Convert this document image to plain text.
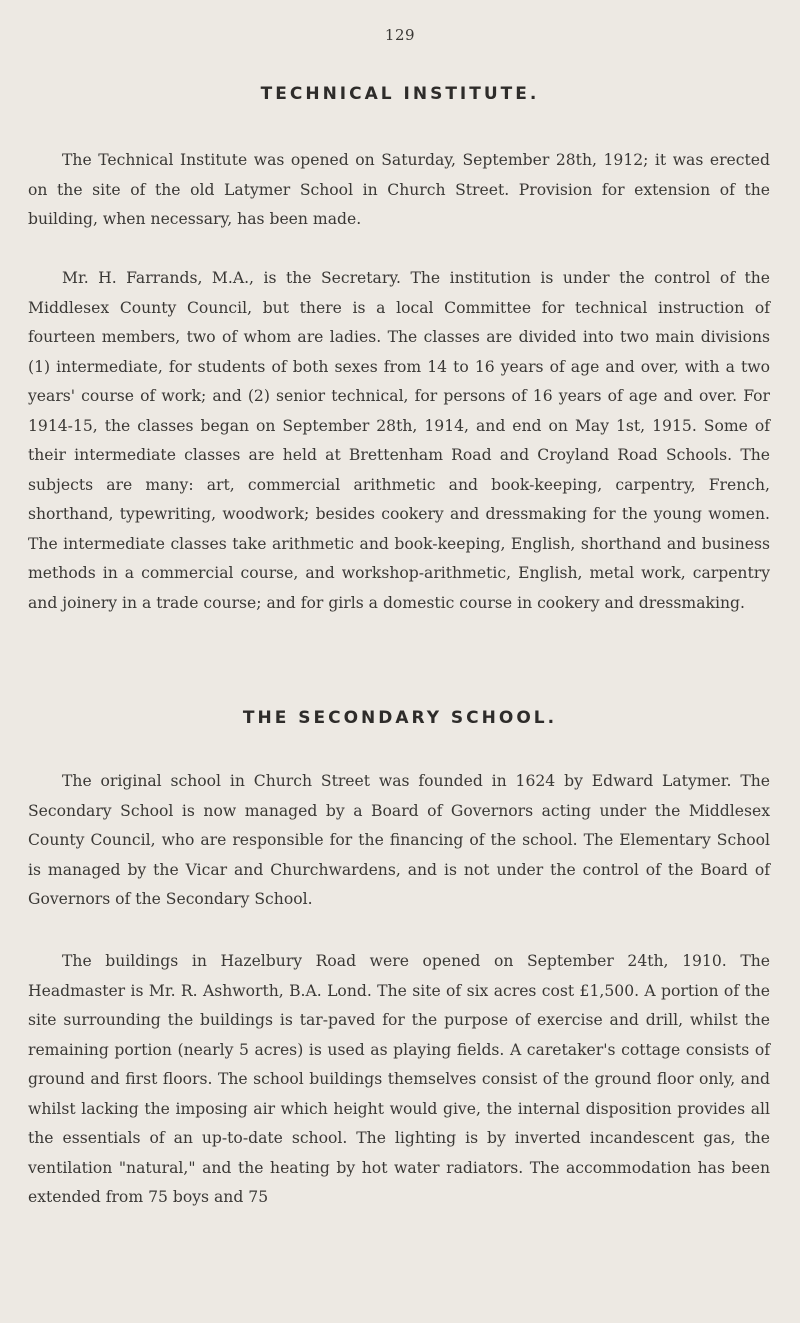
129
TECHNICAL INSTITUTE.

The Technical Institute was opened on Saturday, September 28th, 1912; it was erected on the site of the old Latymer School in Church Street. Provision for extension of the building, when necessary, has been made.

Mr. H. Farrands, M.A., is the Secretary. The institution is under the control of the Middlesex County Council, but there is a local Committee for technical instruction of fourteen members, two of whom are ladies. The classes are divided into two main divisions (1) intermediate, for students of both sexes from 14 to 16 years of age and over, with a two years' course of work; and (2) senior technical, for persons of 16 years of age and over. For 1914-15, the classes began on September 28th, 1914, and end on May 1st, 1915. Some of their intermediate classes are held at Brettenham Road and Croyland Road Schools. The subjects are many: art, commercial arithmetic and book-keeping, carpentry, French, shorthand, typewriting, woodwork; besides cookery and dressmaking for the young women. The intermediate classes take arithmetic and book-keeping, English, shorthand and business methods in a commercial course, and workshop-arithmetic, English, metal work, carpentry and joinery in a trade course; and for girls a domestic course in cookery and dressmaking.

THE SECONDARY SCHOOL.

The original school in Church Street was founded in 1624 by Edward Latymer. The Secondary School is now managed by a Board of Governors acting under the Middlesex County Council, who are responsible for the financing of the school. The Elementary School is managed by the Vicar and Churchwardens, and is not under the control of the Board of Governors of the Secondary School.

The buildings in Hazelbury Road were opened on September 24th, 1910. The Headmaster is Mr. R. Ashworth, B.A. Lond. The site of six acres cost £1,500. A portion of the site surrounding the buildings is tar-paved for the purpose of exercise and drill, whilst the remaining portion (nearly 5 acres) is used as playing fields. A caretaker's cottage consists of ground and first floors. The school buildings themselves consist of the ground floor only, and whilst lacking the imposing air which height would give, the internal disposition provides all the essentials of an up-to-date school. The lighting is by inverted incandescent gas, the ventilation "natural," and the heating by hot water radiators. The accommodation has been extended from 75 boys and 75
